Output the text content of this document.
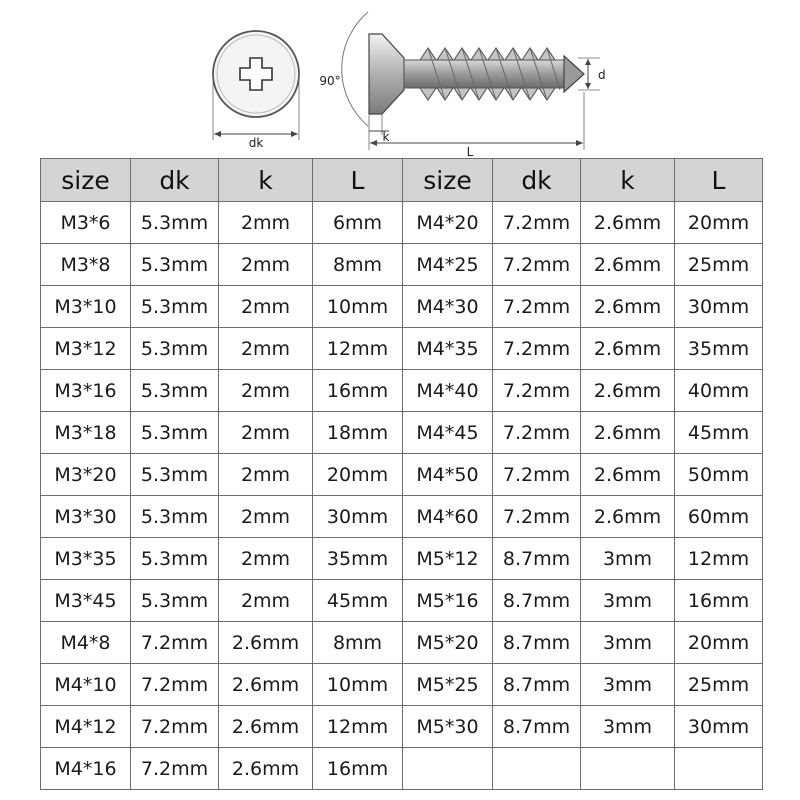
dk
90°	d
k
L
size	dk	k	L	size	dk	k	L
M3*6	5.3mm	2mm	6mm	M4*20	7.2mm	2.6mm	20mm
M3*8	5.3mm	2mm	8mm	M4*25	7.2mm	2.6mm	25mm
M3*10	5.3mm	2mm	10mm	M4*30	7.2mm	2.6mm	30mm
M3*12	5.3mm	2mm	12mm	M4*35	7.2mm	2.6mm	35mm
M3*16	5.3mm	2mm	16mm	M4*40	7.2mm	2.6mm	40mm
M3*18	5.3mm	2mm	18mm	M4*45	7.2mm	2.6mm	45mm
M3*20	5.3mm	2mm	20mm	M4*50	7.2mm	2.6mm	50mm
M3*30	5.3mm	2mm	30mm	M4*60	7.2mm	2.6mm	60mm
M3*35	5.3mm	2mm	35mm	M5*12	8.7mm	3mm	12mm
M3*45	5.3mm	2mm	45mm	M5*16	8.7mm	3mm	16mm
M4*8	7.2mm	2.6mm	8mm	M5*20	8.7mm	3mm	20mm
M4*10	7.2mm	2.6mm	10mm	M5*25	8.7mm	3mm	25mm
M4*12	7.2mm	2.6mm	12mm	M5*30	8.7mm	3mm	30mm
M4*16	7.2mm	2.6mm	16mm				
